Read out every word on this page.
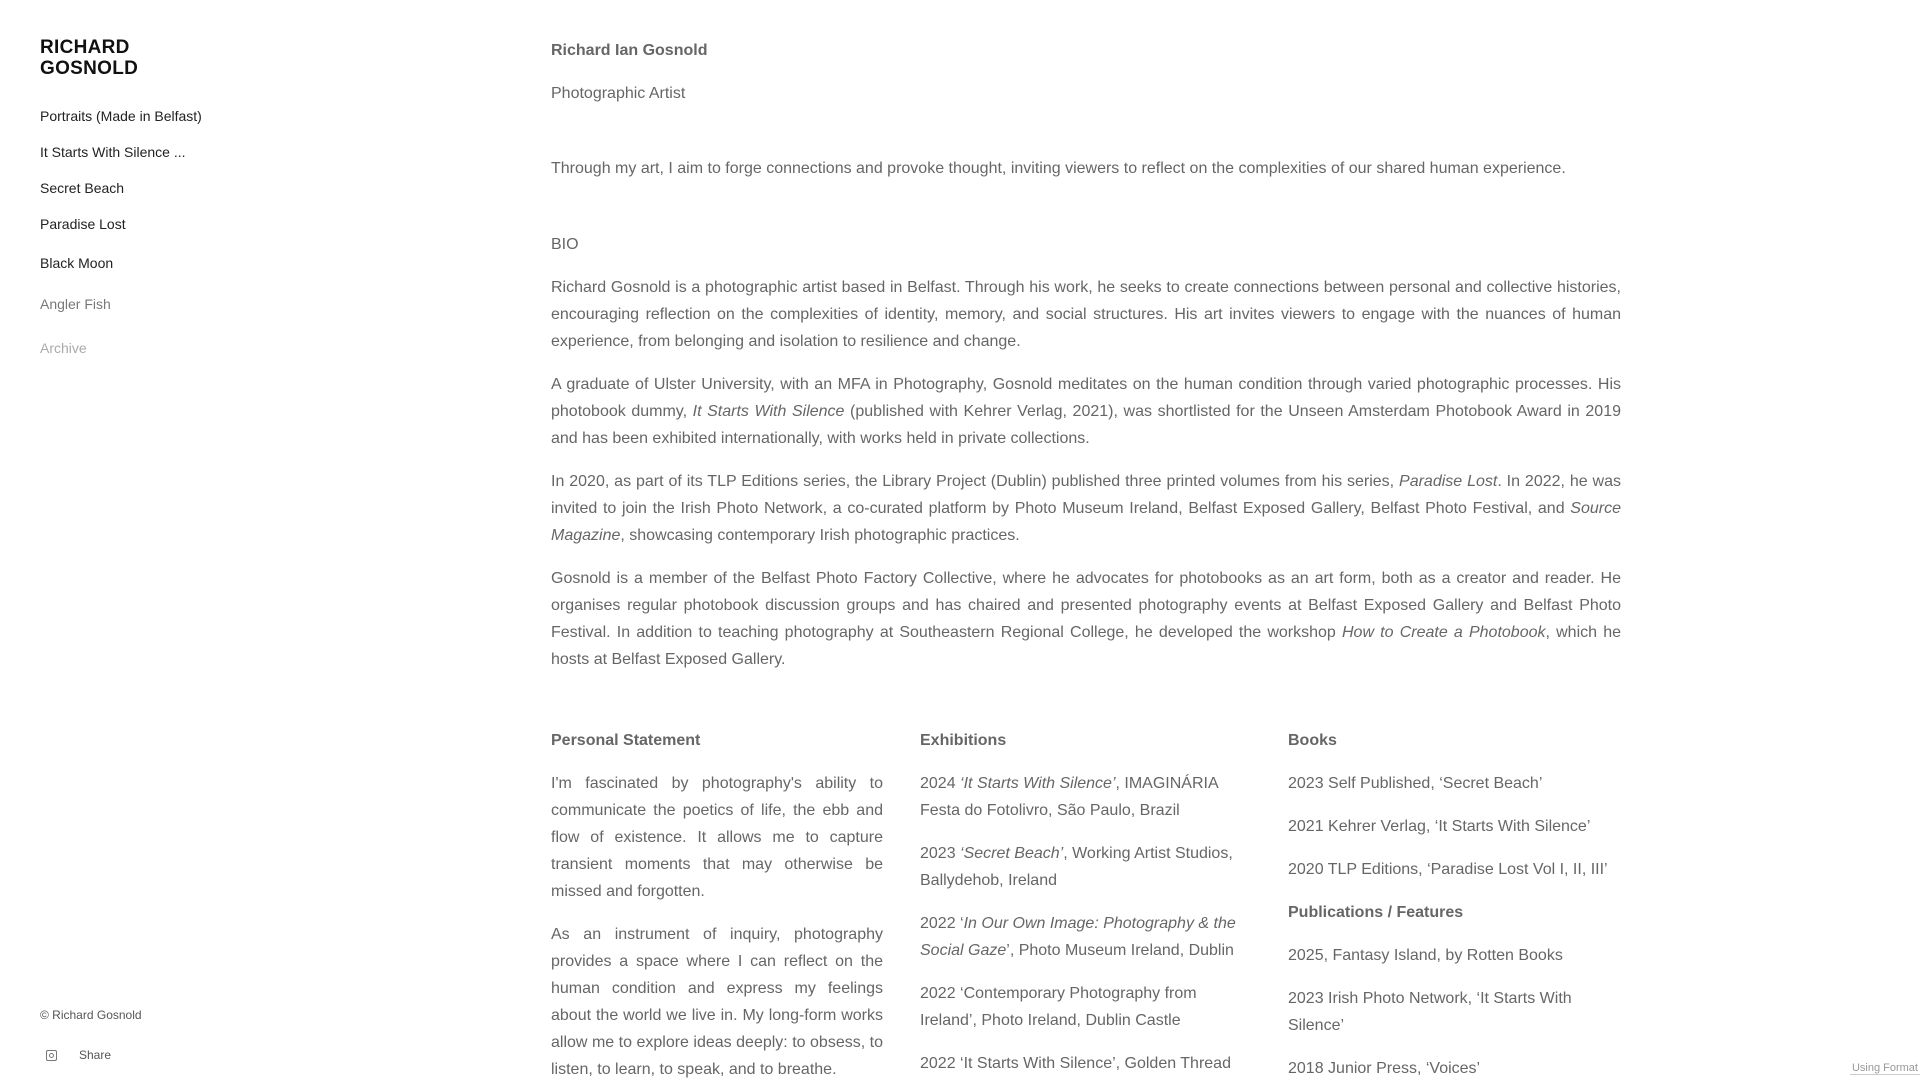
RICHARD GOSNOLD
Portraits (Made in Belfast)
It Starts With Silence ...
Secret Beach
Paradise Lost
Black Moon
Angler Fish
Archive
© Richard Gosnold
Share
Richard Ian Gosnold
Photographic Artist
Through my art, I aim to forge connections and provoke thought, inviting viewers to reflect on the complexities of our shared human experience.
BIO

Richard Gosnold is a photographic artist based in Belfast. Through his work, he seeks to create connections between personal and collective histories, encouraging reflection on the complexities of identity, memory, and social structures. His art invites viewers to engage with the nuances of human experience, from belonging and isolation to resilience and change.

A graduate of Ulster University, with an MFA in Photography, Gosnold meditates on the human condition through varied photographic processes. His photobook dummy, It Starts With Silence (published with Kehrer Verlag, 2021), was shortlisted for the Unseen Amsterdam Photobook Award in 2019 and has been exhibited internationally, with works held in private collections.

In 2020, as part of its TLP Editions series, the Library Project (Dublin) published three printed volumes from his series, Paradise Lost. In 2022, he was invited to join the Irish Photo Network, a co-curated platform by Photo Museum Ireland, Belfast Exposed Gallery, Belfast Photo Festival, and Source Magazine, showcasing contemporary Irish photographic practices.

Gosnold is a member of the Belfast Photo Factory Collective, where he advocates for photobooks as an art form, both as a creator and reader. He organises regular photobook discussion groups and has chaired and presented photography events at Belfast Exposed Gallery and Belfast Photo Festival. In addition to teaching photography at Southeastern Regional College, he developed the workshop How to Create a Photobook, which he hosts at Belfast Exposed Gallery.

Personal Statement

I'm fascinated by photography's ability to communicate the poetics of life, the ebb and flow of existence. It allows me to capture transient moments that may otherwise be missed and forgotten.

As an instrument of inquiry, photography provides a space where I can reflect on the human condition and express my feelings about the world we live in. My long-form works allow me to explore ideas deeply: to obsess, to listen, to learn, to speak, and to breathe.

Exhibitions

2024 ‘It Starts With Silence’, IMAGINÁRIA Festa do Fotolivro, São Paulo, Brazil

2023 ‘Secret Beach’, Working Artist Studios, Ballydehob, Ireland

2022 ‘In Our Own Image: Photography & the Social Gaze’, Photo Museum Ireland, Dublin

2022 ‘Contemporary Photography from Ireland’, Photo Ireland, Dublin Castle

2022 ‘It Starts With Silence’, Golden Thread

Books

2023 Self Published, ‘Secret Beach’

2021 Kehrer Verlag, ‘It Starts With Silence’

2020 TLP Editions, ‘Paradise Lost Vol I, II, III’

Publications / Features

2025, Fantasy Island, by Rotten Books

2023 Irish Photo Network, ‘It Starts With Silence’

2018 Junior Press, ‘Voices’	Using Format
